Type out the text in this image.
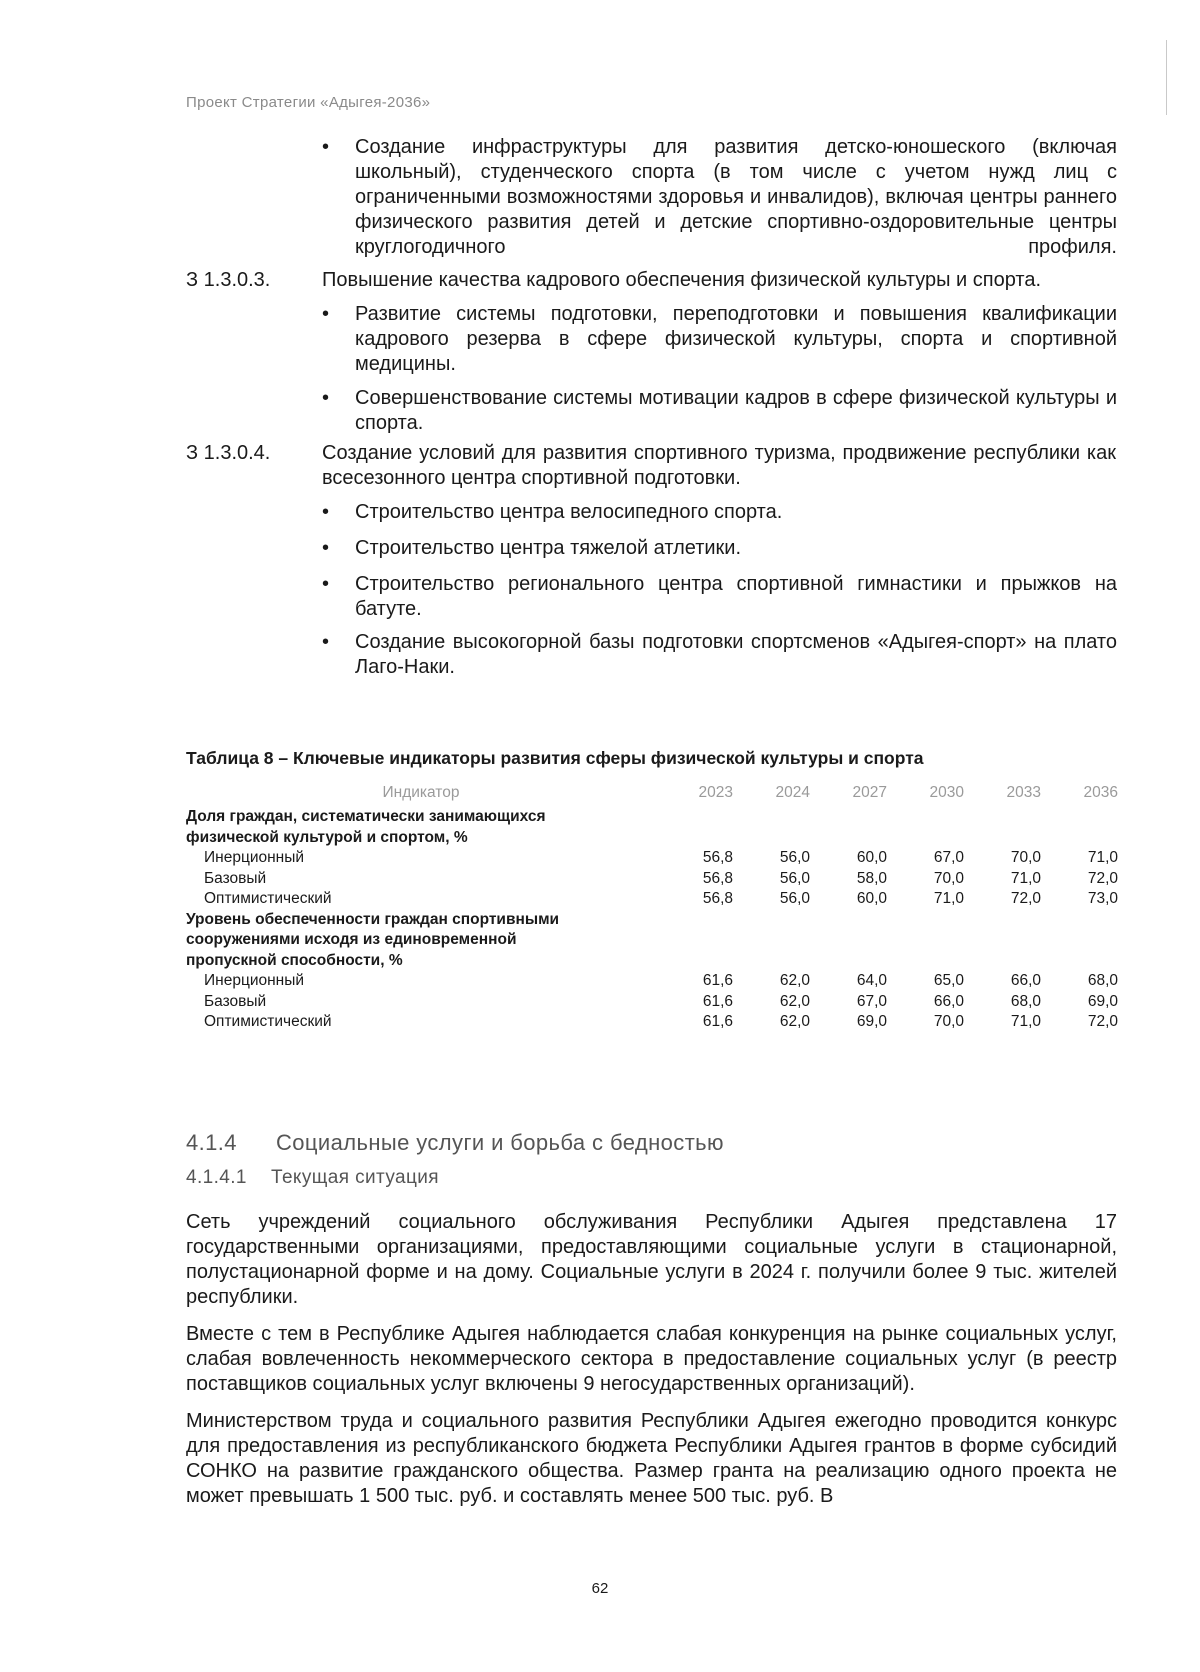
Проект Стратегии «Адыгея-2036»
• Создание инфраструктуры для развития детско-юношеского (включая школьный), студенческого спорта (в том числе с учетом нужд лиц с ограниченными возможностями здоровья и инвалидов), включая центры раннего физического развития детей и детские спортивно-оздоровительные центры круглогодичного профиля.
З 1.3.0.3.	Повышение качества кадрового обеспечения физической культуры и спорта.
• Развитие системы подготовки, переподготовки и повышения квалификации кадрового резерва в сфере физической культуры, спорта и спортивной медицины.
• Совершенствование системы мотивации кадров в сфере физической культуры и спорта.
З 1.3.0.4.	Создание условий для развития спортивного туризма, продвижение республики как всесезонного центра спортивной подготовки.
• Строительство центра велосипедного спорта.
• Строительство центра тяжелой атлетики.
• Строительство регионального центра спортивной гимнастики и прыжков на батуте.
• Создание высокогорной базы подготовки спортсменов «Адыгея-спорт» на плато Лаго-Наки.
Таблица 8 – Ключевые индикаторы развития сферы физической культуры и спорта
Индикатор	2023	2024	2027	2030	2033	2036
Доля граждан, систематически занимающихся						
физической культурой и спортом, %						
Инерционный	56,8	56,0	60,0	67,0	70,0	71,0
Базовый	56,8	56,0	58,0	70,0	71,0	72,0
Оптимистический	56,8	56,0	60,0	71,0	72,0	73,0
Уровень обеспеченности граждан спортивными						
сооружениями исходя из единовременной						
пропускной способности, %						
Инерционный	61,6	62,0	64,0	65,0	66,0	68,0
Базовый	61,6	62,0	67,0	66,0	68,0	69,0
Оптимистический	61,6	62,0	69,0	70,0	71,0	72,0
4.1.4 Социальные услуги и борьба с бедностью
4.1.4.1 Текущая ситуация
Сеть учреждений социального обслуживания Республики Адыгея представлена 17 государственными организациями, предоставляющими социальные услуги в стационарной, полустационарной форме и на дому. Социальные услуги в 2024 г. получили более 9 тыс. жителей республики.
Вместе с тем в Республике Адыгея наблюдается слабая конкуренция на рынке социальных услуг, слабая вовлеченность некоммерческого сектора в предоставление социальных услуг (в реестр поставщиков социальных услуг включены 9 негосударственных организаций).
Министерством труда и социального развития Республики Адыгея ежегодно проводится конкурс для предоставления из республиканского бюджета Республики Адыгея грантов в форме субсидий СОНКО на развитие гражданского общества. Размер гранта на реализацию одного проекта не может превышать 1 500 тыс. руб. и составлять менее 500 тыс. руб. В
62
